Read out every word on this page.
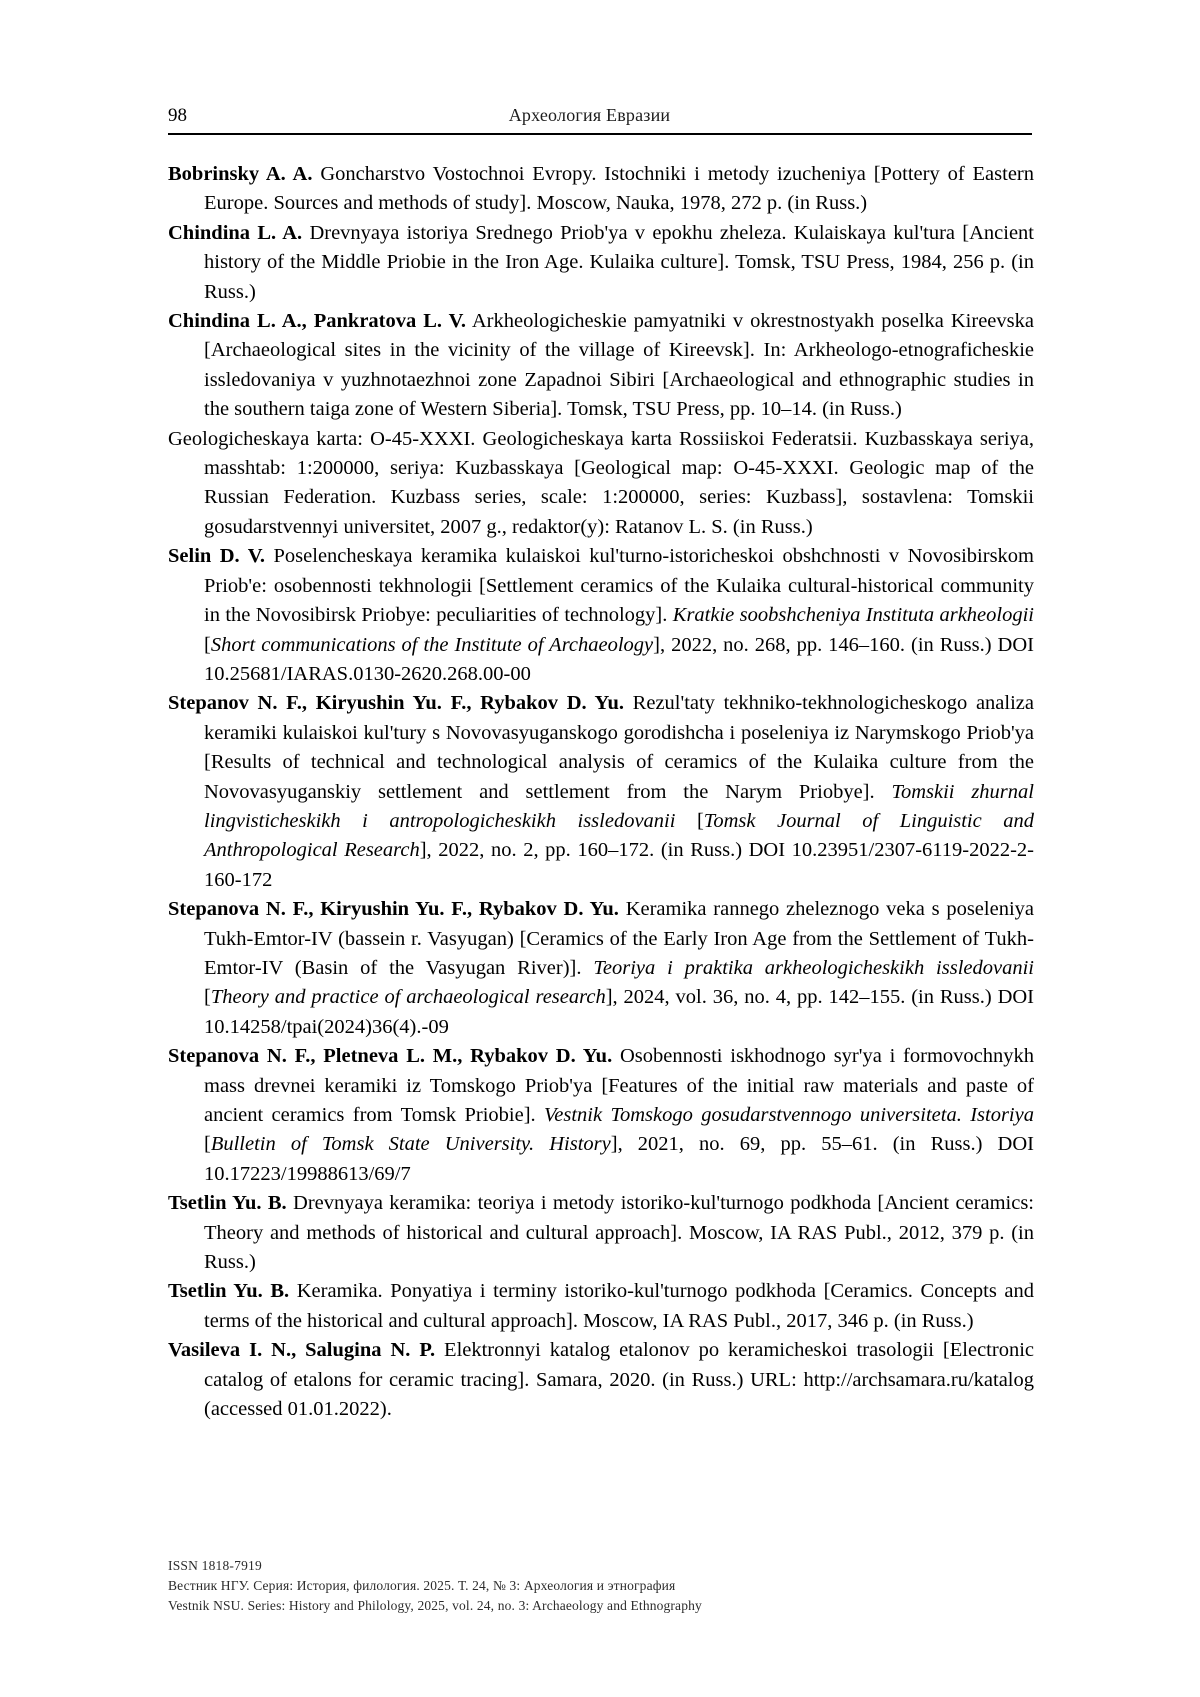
98	Археология Евразии

Bobrinsky A. A. Goncharstvo Vostochnoi Evropy. Istochniki i metody izucheniya [Pottery of Eastern Europe. Sources and methods of study]. Moscow, Nauka, 1978, 272 p. (in Russ.)

Chindina L. A. Drevnyaya istoriya Srednego Priob'ya v epokhu zheleza. Kulaiskaya kul'tura [Ancient history of the Middle Priobie in the Iron Age. Kulaika culture]. Tomsk, TSU Press, 1984, 256 p. (in Russ.)

Chindina L. A., Pankratova L. V. Arkheologicheskie pamyatniki v okrestnostyakh poselka Kireevska [Archaeological sites in the vicinity of the village of Kireevsk]. In: Arkheologo-etnograficheskie issledovaniya v yuzhnotaezhnoi zone Zapadnoi Sibiri [Archaeological and ethnographic studies in the southern taiga zone of Western Siberia]. Tomsk, TSU Press, pp. 10–14. (in Russ.)

Geologicheskaya karta: O-45-XXXI. Geologicheskaya karta Rossiiskoi Federatsii. Kuzbasskaya seriya, masshtab: 1:200000, seriya: Kuzbasskaya [Geological map: O-45-XXXI. Geologic map of the Russian Federation. Kuzbass series, scale: 1:200000, series: Kuzbass], sostavlena: Tomskii gosudarstvennyi universitet, 2007 g., redaktor(y): Ratanov L. S. (in Russ.)

Selin D. V. Poselencheskaya keramika kulaiskoi kul'turno-istoricheskoi obshchnosti v Novosibirskom Priob'e: osobennosti tekhnologii [Settlement ceramics of the Kulaika cultural-historical community in the Novosibirsk Priobye: peculiarities of technology]. Kratkie soobshcheniya Instituta arkheologii [Short communications of the Institute of Archaeology], 2022, no. 268, pp. 146–160. (in Russ.) DOI 10.25681/IARAS.0130-2620.268.00-00

Stepanov N. F., Kiryushin Yu. F., Rybakov D. Yu. Rezul'taty tekhniko-tekhnologicheskogo analiza keramiki kulaiskoi kul'tury s Novovasyuganskogo gorodishcha i poseleniya iz Narymskogo Priob'ya [Results of technical and technological analysis of ceramics of the Kulaika culture from the Novovasyuganskiy settlement and settlement from the Narym Priobye]. Tomskii zhurnal lingvisticheskikh i antropologicheskikh issledovanii [Tomsk Journal of Linguistic and Anthropological Research], 2022, no. 2, pp. 160–172. (in Russ.) DOI 10.23951/2307-6119-2022-2-160-172

Stepanova N. F., Kiryushin Yu. F., Rybakov D. Yu. Keramika rannego zheleznogo veka s poseleniya Tukh-Emtor-IV (bassein r. Vasyugan) [Ceramics of the Early Iron Age from the Settlement of Tukh-Emtor-IV (Basin of the Vasyugan River)]. Teoriya i praktika arkheologicheskikh issledovanii [Theory and practice of archaeological research], 2024, vol. 36, no. 4, pp. 142–155. (in Russ.) DOI 10.14258/tpai(2024)36(4).-09

Stepanova N. F., Pletneva L. M., Rybakov D. Yu. Osobennosti iskhodnogo syr'ya i formovochnykh mass drevnei keramiki iz Tomskogo Priob'ya [Features of the initial raw materials and paste of ancient ceramics from Tomsk Priobie]. Vestnik Tomskogo gosudarstvennogo universiteta. Istoriya [Bulletin of Tomsk State University. History], 2021, no. 69, pp. 55–61. (in Russ.) DOI 10.17223/19988613/69/7

Tsetlin Yu. B. Drevnyaya keramika: teoriya i metody istoriko-kul'turnogo podkhoda [Ancient ceramics: Theory and methods of historical and cultural approach]. Moscow, IA RAS Publ., 2012, 379 p. (in Russ.)

Tsetlin Yu. B. Keramika. Ponyatiya i terminy istoriko-kul'turnogo podkhoda [Ceramics. Concepts and terms of the historical and cultural approach]. Moscow, IA RAS Publ., 2017, 346 p. (in Russ.)

Vasileva I. N., Salugina N. P. Elektronnyi katalog etalonov po keramicheskoi trasologii [Electronic catalog of etalons for ceramic tracing]. Samara, 2020. (in Russ.) URL: http://archsamara.ru/katalog (accessed 01.01.2022).

ISSN 1818-7919
Вестник НГУ. Серия: История, филология. 2025. Т. 24, № 3: Археология и этнография
Vestnik NSU. Series: History and Philology, 2025, vol. 24, no. 3: Archaeology and Ethnography
